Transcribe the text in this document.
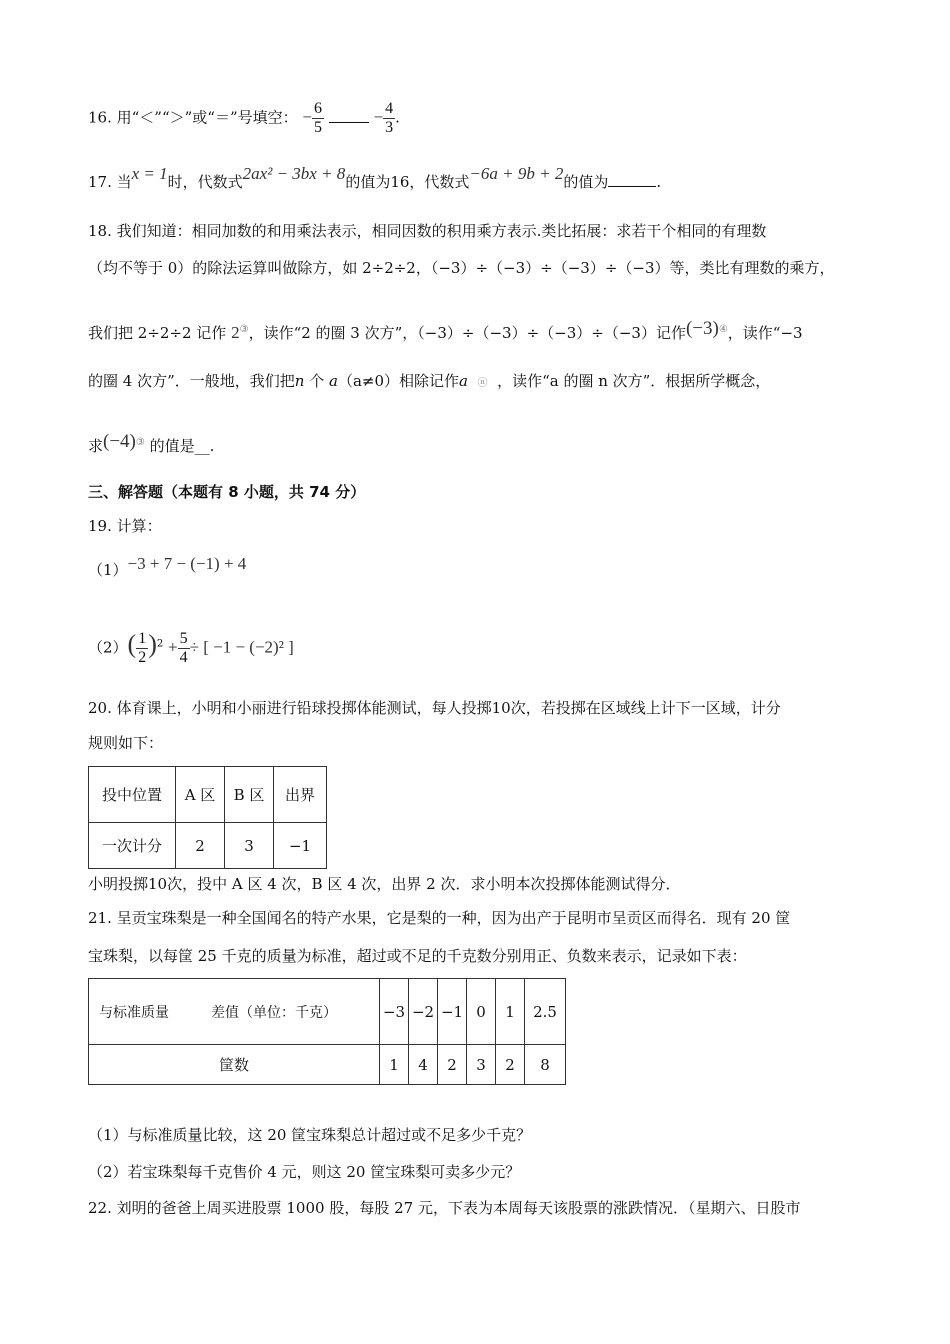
16. 用“＜”“＞”或“＝”号填空： − $\frac{6}{5}$	− $\frac{4}{3}$ .
17. 当x = 1时，代数式2ax² − 3bx + 8的值为16，代数式−6a + 9b + 2的值为	.
18. 我们知道：相同加数的和用乘法表示，相同因数的积用乘方表示.类比拓展：求若干个相同的有理数
（均不等于 0）的除法运算叫做除方，如 2÷2÷2，（−3）÷（−3）÷（−3）÷（−3）等，类比有理数的乘方，
我们把 2÷2÷2 记作 2③，读作“2 的圈 3 次方”，（−3）÷（−3）÷（−3）÷（−3）记作(−3)④，读作“−3
的圈 4 次方”．一般地，我们把n 个 a（a≠0）相除记作a ⓝ ，读作“a 的圈 n 次方”．根据所学概念，
求(−4)③ 的值是__.
三、解答题（本题有 8 小题，共 74 分）
19. 计算：
（1）−3 + 7 − (−1) + 4
$(2)( \frac{1}{2} )^2 + \frac{5}{4}$ ÷ [ −1 − (−2)² ]
20. 体育课上，小明和小丽进行铅球投掷体能测试，每人投掷10次，若投掷在区域线上计下一区域，计分
规则如下：
投中位置	A 区	B 区	出界
一次计分	2	3	−1
小明投掷10次，投中 A 区 4 次，B 区 4 次，出界 2 次．求小明本次投掷体能测试得分．
21. 呈贡宝珠梨是一种全国闻名的特产水果，它是梨的一种，因为出产于昆明市呈贡区而得名．现有 20 筐
宝珠梨，以每筐 25 千克的质量为标准，超过或不足的千克数分别用正、负数来表示，记录如下表：
与标准质量　　　差值（单位：千克）	−3	−2	−1	0	1	2.5
筐数	1	4	2	3	2	8
（1）与标准质量比较，这 20 筐宝珠梨总计超过或不足多少千克？
（2）若宝珠梨每千克售价 4 元，则这 20 筐宝珠梨可卖多少元？
22. 刘明的爸爸上周买进股票 1000 股，每股 27 元，下表为本周每天该股票的涨跌情况．（星期六、日股市
